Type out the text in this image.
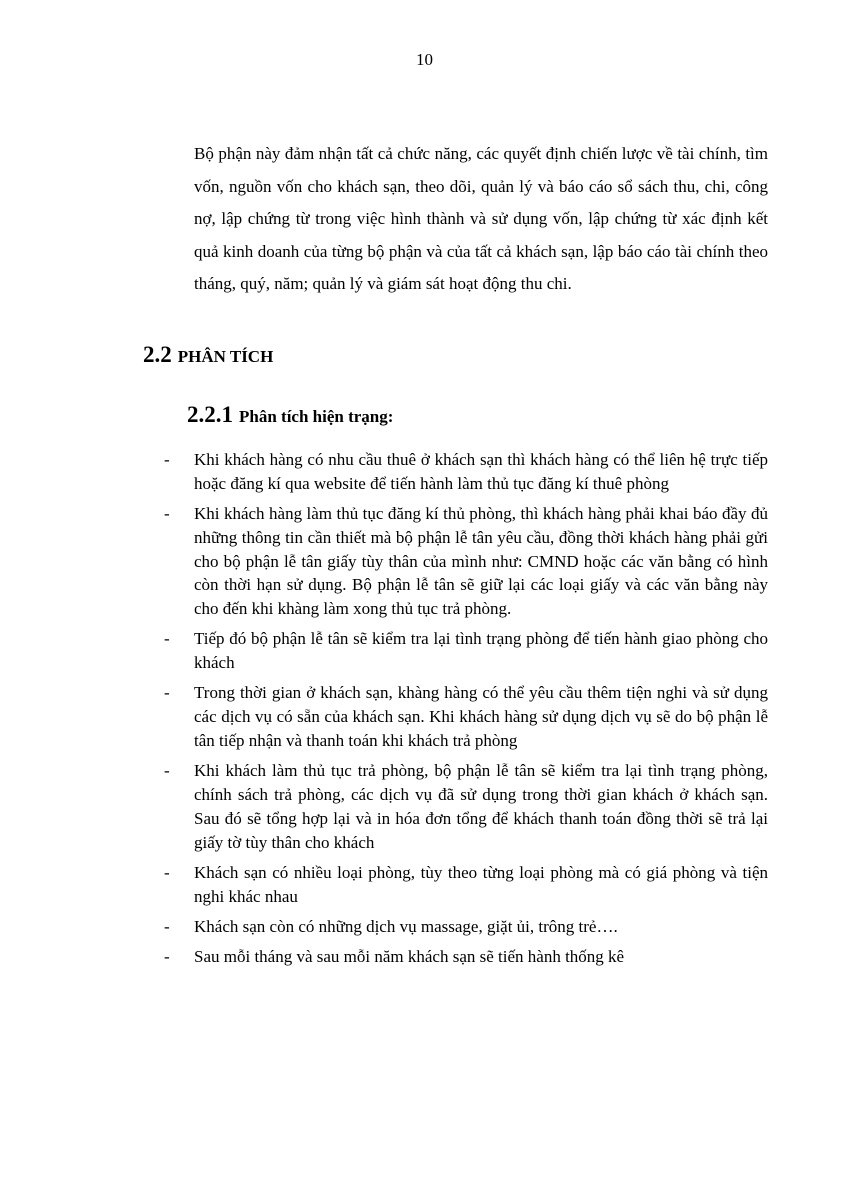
10

Bộ phận này đảm nhận tất cả chức năng, các quyết định chiến lược về tài chính, tìm vốn, nguồn vốn cho khách sạn, theo dõi, quản lý và báo cáo sổ sách thu, chi, công nợ, lập chứng từ trong việc hình thành và sử dụng vốn, lập chứng từ xác định kết quả kinh doanh của từng bộ phận và của tất cả khách sạn, lập báo cáo tài chính theo tháng, quý, năm; quản lý và giám sát hoạt động thu chi.

2.2 PHÂN TÍCH
2.2.1 Phân tích hiện trạng:
-	Khi khách hàng có nhu cầu thuê ở khách sạn thì khách hàng có thể liên hệ trực tiếp hoặc đăng kí qua website để tiến hành làm thủ tục đăng kí thuê phòng
-	Khi khách hàng làm thủ tục đăng kí thủ phòng, thì khách hàng phải khai báo đầy đủ những thông tin cần thiết mà bộ phận lễ tân yêu cầu, đồng thời khách hàng phải gửi cho bộ phận lễ tân giấy tùy thân của mình như: CMND hoặc các văn bằng có hình còn thời hạn sử dụng. Bộ phận lễ tân sẽ giữ lại các loại giấy và các văn bằng này cho đến khi khàng làm xong thủ tục trả phòng.
-	Tiếp đó bộ phận lễ tân sẽ kiểm tra lại tình trạng phòng để tiến hành giao phòng cho khách
-	Trong thời gian ở khách sạn, khàng hàng có thể yêu cầu thêm tiện nghi và sử dụng các dịch vụ có sẵn của khách sạn. Khi khách hàng sử dụng dịch vụ sẽ do bộ phận lễ tân tiếp nhận và thanh toán khi khách trả phòng
-	Khi khách làm thủ tục trả phòng, bộ phận lễ tân sẽ kiểm tra lại tình trạng phòng, chính sách trả phòng, các dịch vụ đã sử dụng trong thời gian khách ở khách sạn. Sau đó sẽ tổng hợp lại và in hóa đơn tổng để khách thanh toán đồng thời sẽ trả lại giấy tờ tùy thân cho khách
-	Khách sạn có nhiều loại phòng, tùy theo từng loại phòng mà có giá phòng và tiện nghi khác nhau
-	Khách sạn còn có những dịch vụ massage, giặt ủi, trông trẻ….
-	Sau mỗi tháng và sau mỗi năm khách sạn sẽ tiến hành thống kê
